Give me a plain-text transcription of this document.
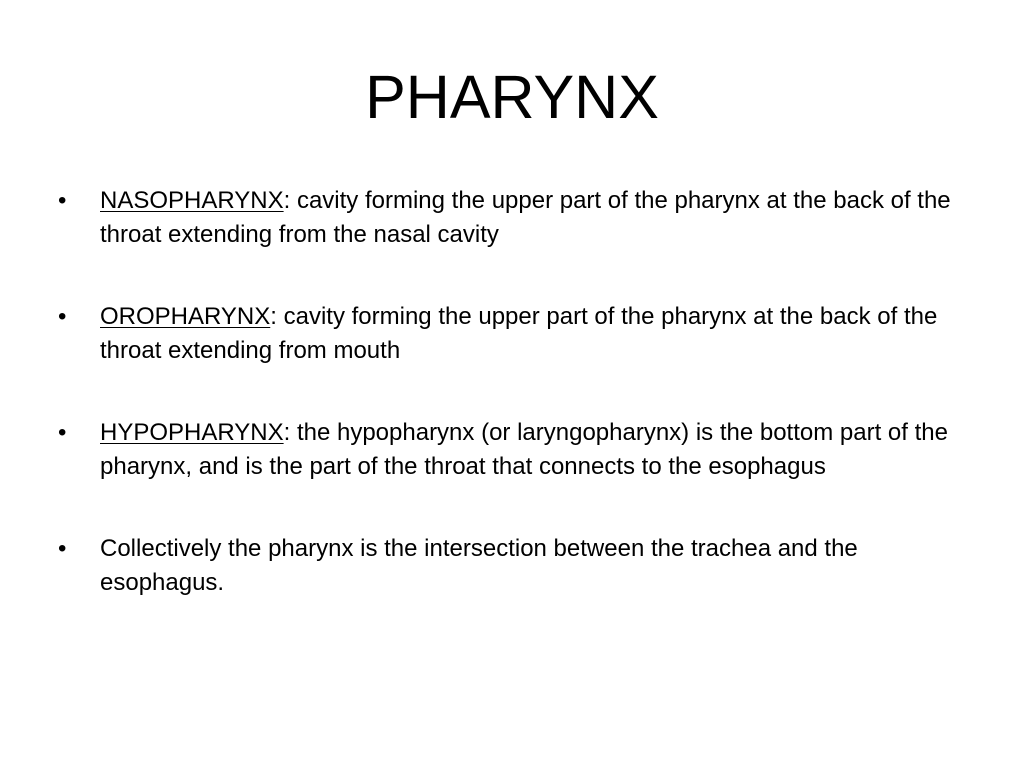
PHARYNX
•	NASOPHARYNX: cavity forming the upper part of the pharynx at the back of the throat extending from the nasal cavity
•	OROPHARYNX: cavity forming the upper part of the pharynx at the back of the throat extending from mouth
•	HYPOPHARYNX: the hypopharynx (or laryngopharynx) is the bottom part of the pharynx, and is the part of the throat that connects to the esophagus
•	Collectively the pharynx is the intersection between the trachea and the esophagus.
